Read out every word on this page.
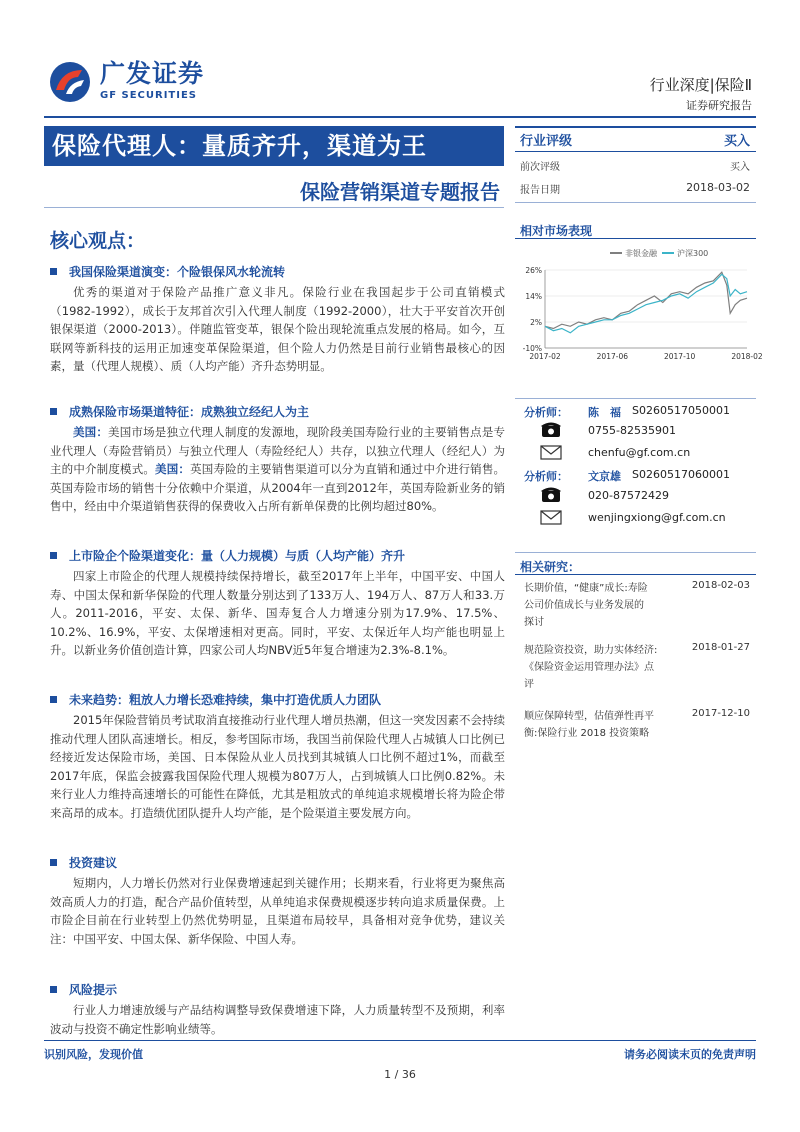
广发证券
GF SECURITIES
行业深度|保险Ⅱ
证券研究报告
保险代理人：量质齐升，渠道为王
保险营销渠道专题报告
行业评级	买入
前次评级	买入
报告日期	2018-03-02
核心观点：
我国保险渠道演变：个险银保风水轮流转

优秀的渠道对于保险产品推广意义非凡。保险行业在我国起步于公司直销模式（1982-1992），成长于友邦首次引入代理人制度（1992-2000），壮大于平安首次开创银保渠道（2000-2013）。伴随监管变革，银保个险出现轮流重点发展的格局。如今，互联网等新科技的运用正加速变革保险渠道，但个险人力仍然是目前行业销售最核心的因素，量（代理人规模）、质（人均产能）齐升态势明显。

成熟保险市场渠道特征：成熟独立经纪人为主

美国：美国市场是独立代理人制度的发源地，现阶段美国寿险行业的主要销售点是专业代理人（寿险营销员）与独立代理人（寿险经纪人）共存，以独立代理人（经纪人）为主的中介制度模式。美国：英国寿险的主要销售渠道可以分为直销和通过中介进行销售。英国寿险市场的销售十分依赖中介渠道，从2004年一直到2012年，英国寿险新业务的销售中，经由中介渠道销售获得的保费收入占所有新单保费的比例均超过80%。

上市险企个险渠道变化：量（人力规模）与质（人均产能）齐升

四家上市险企的代理人规模持续保持增长，截至2017年上半年，中国平安、中国人寿、中国太保和新华保险的代理人数量分别达到了133万人、194万人、87万人和33.万人。2011-2016，平安、太保、新华、国寿复合人力增速分别为17.9%、17.5%、10.2%、16.9%，平安、太保增速相对更高。同时，平安、太保近年人均产能也明显上升。以新业务价值创造计算，四家公司人均NBV近5年复合增速为2.3%-8.1%。

未来趋势：粗放人力增长恐难持续，集中打造优质人力团队

2015年保险营销员考试取消直接推动行业代理人增员热潮，但这一突发因素不会持续推动代理人团队高速增长。相反，参考国际市场，我国当前保险代理人占城镇人口比例已经接近发达保险市场，美国、日本保险从业人员找到其城镇人口比例不超过1%，而截至2017年底，保监会披露我国保险代理人规模为807万人，占到城镇人口比例0.82%。未来行业人力维持高速增长的可能性在降低，尤其是粗放式的单纯追求规模增长将为险企带来高昂的成本。打造绩优团队提升人均产能，是个险渠道主要发展方向。

投资建议

短期内，人力增长仍然对行业保费增速起到关键作用；长期来看，行业将更为聚焦高效高质人力的打造，配合产品价值转型，从单纯追求保费规模逐步转向追求质量保费。上市险企目前在行业转型上仍然优势明显，且渠道布局较早，具备相对竞争优势，建议关注：中国平安、中国太保、新华保险、中国人寿。

风险提示

行业人力增速放缓与产品结构调整导致保费增速下降，人力质量转型不及预期，利率波动与投资不确定性影响业绩等。

相对市场表现
非银金融	沪深300
26%
14%
2%
-10%
2017-02	2017-06	2017-10	2018-02
分析师： 陈　福 S0260517050001
0755-82535901
chenfu@gf.com.cn
分析师： 文京雄 S0260517060001
020-87572429
wenjingxiong@gf.com.cn
相关研究：
长期价值，“健康”成长:寿险
公司价值成长与业务发展的
探讨
2018-02-03
规范险资投资，助力实体经济:
《保险资金运用管理办法》点
评
2018-01-27
顺应保障转型，估值弹性再平
衡:保险行业 2018 投资策略
2017-12-10
识别风险，发现价值	请务必阅读末页的免责声明
1 / 36
